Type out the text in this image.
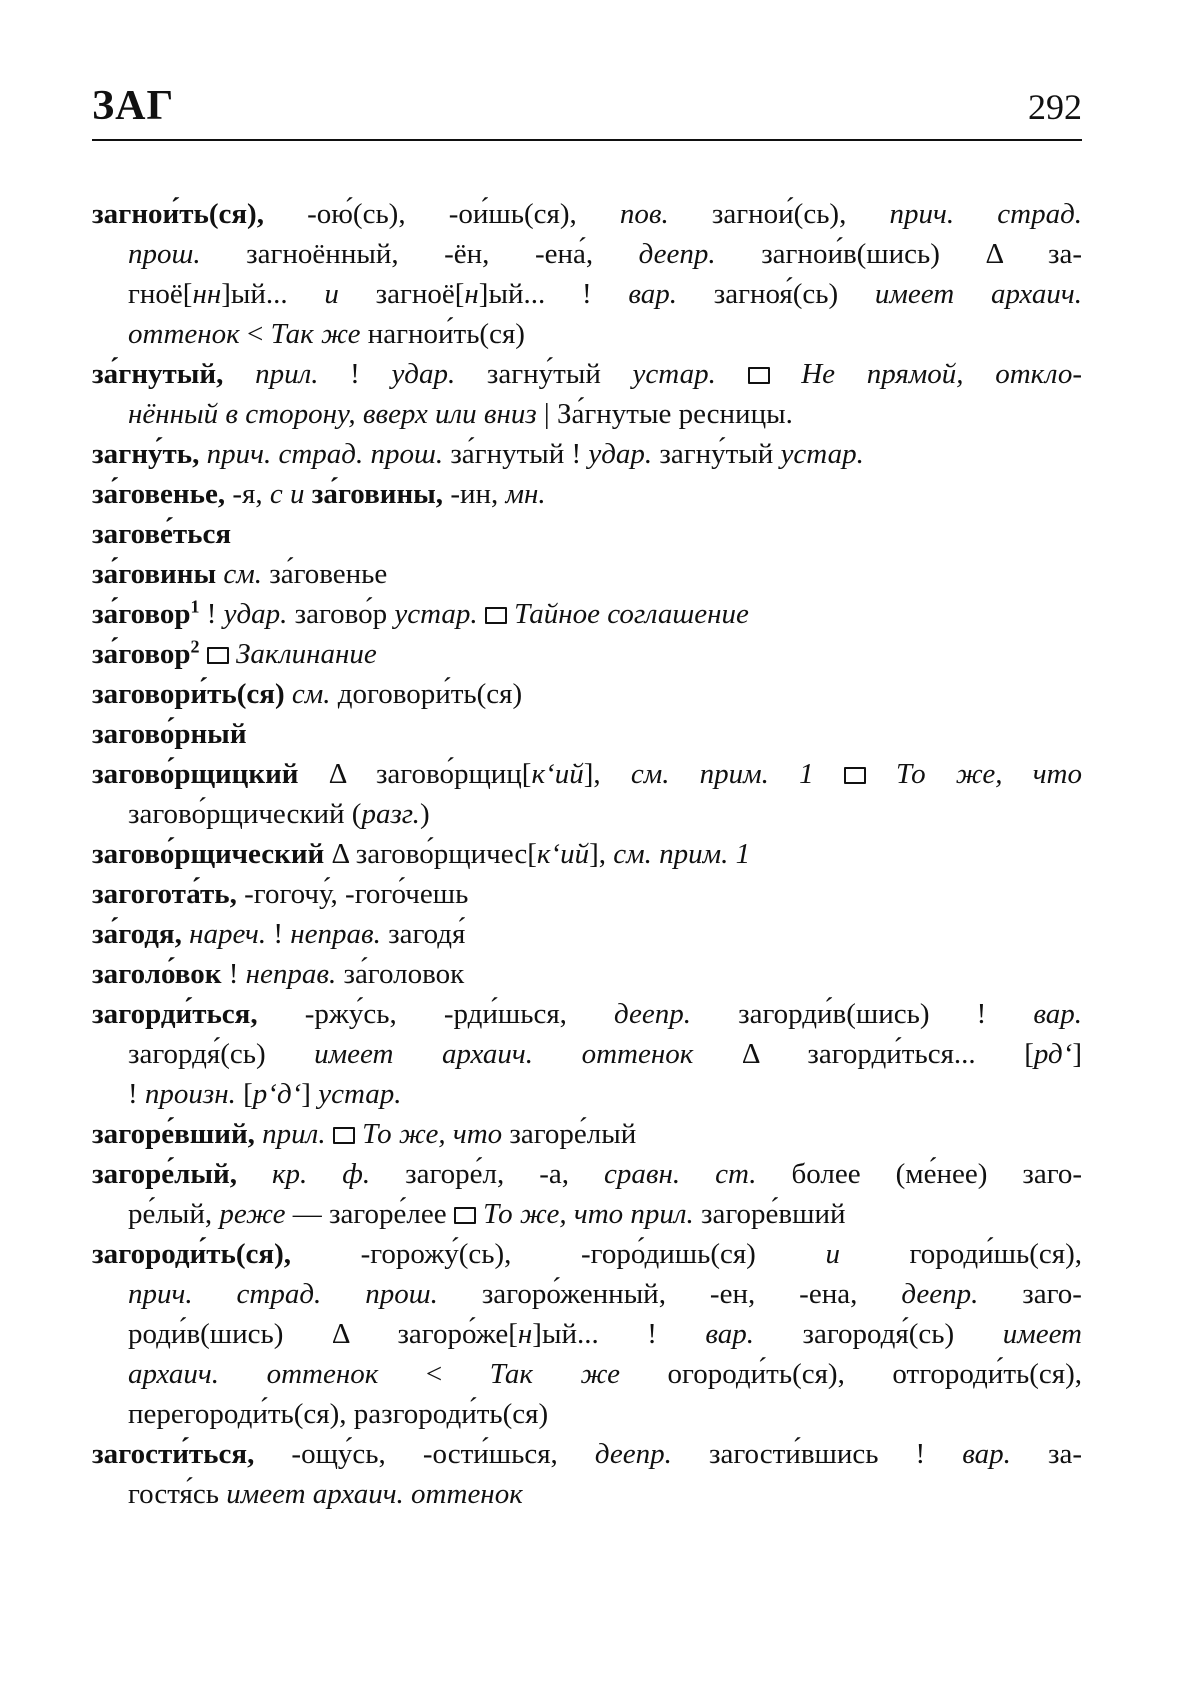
ЗАГ	292
загнои́ть(ся), -ою́(сь), -ои́шь(ся), пов. загнои́(сь), прич. страд.
прош. загноённый, -ён, -ена́, деепр. загнои́в(шись) Δ за-
гноё[нн]ый... и загноё[н]ый... ! вар. загноя́(сь) имеет архаич.
оттенок < Так же нагнои́ть(ся)
за́гнутый, прил. ! удар. загну́тый устар.	Не прямой, откло-
нённый в сторону, вверх или вниз | За́гнутые ресницы.
загну́ть, прич. страд. прош. за́гнутый ! удар. загну́тый устар.
за́говенье, -я, с и за́говины, -ин, мн.
загове́ться
за́говины см. за́говенье
за́говор$^1$ ! удар. загово́р устар. Тайное соглашение
за́говор$^2$ Заклинание
заговори́ть(ся) см. договори́ть(ся)
загово́рный
загово́рщицкий Δ загово́рщиц[кʻий], см. прим. 1	То же, что
загово́рщический (разг.)
загово́рщический Δ загово́рщичес[кʻий], см. прим. 1
загогота́ть, -гогочу́, -гого́чешь
за́годя, нареч. ! неправ. загодя́
заголо́вок ! неправ. за́головок
загорди́ться, -ржу́сь, -рди́шься, деепр. загорди́в(шись) ! вар.
загордя́(сь) имеет архаич. оттенок Δ загорди́ться... [рдʻ]
! произн. [рʻдʻ] устар.
загоре́вший, прил. То же, что загоре́лый
загоре́лый, кр. ф. загоре́л, -а, сравн. ст. более (ме́нее) заго-
ре́лый, реже — загоре́лее  То же, что прил. загоре́вший
загороди́ть(ся), -горожу́(сь), -горо́дишь(ся) и городи́шь(ся),
прич. страд. прош. загоро́женный, -ен, -ена, деепр. заго-
роди́в(шись) Δ загоро́же[н]ый... ! вар. загородя́(сь) имеет
архаич. оттенок < Так же огороди́ть(ся), отгороди́ть(ся),
перегороди́ть(ся), разгороди́ть(ся)
загости́ться, -ощу́сь, -ости́шься, деепр. загости́вшись ! вар. за-
гостя́сь имеет архаич. оттенок
